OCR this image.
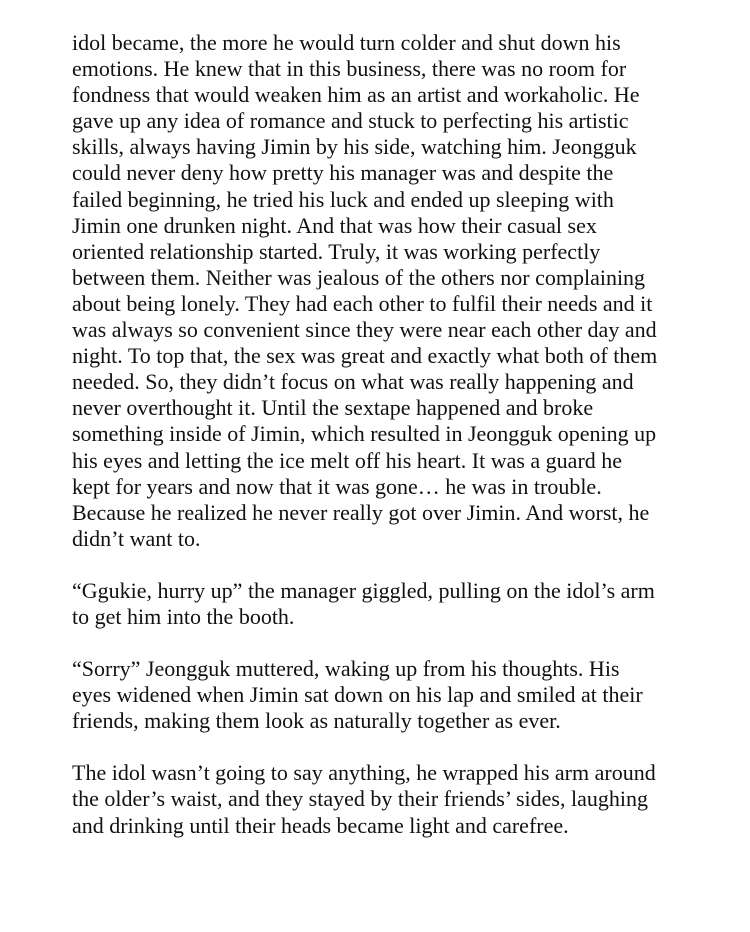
idol became, the more he would turn colder and shut down his
emotions. He knew that in this business, there was no room for
fondness that would weaken him as an artist and workaholic. He
gave up any idea of romance and stuck to perfecting his artistic
skills, always having Jimin by his side, watching him. Jeongguk
could never deny how pretty his manager was and despite the
failed beginning, he tried his luck and ended up sleeping with
Jimin one drunken night. And that was how their casual sex
oriented relationship started. Truly, it was working perfectly
between them. Neither was jealous of the others nor complaining
about being lonely. They had each other to fulfil their needs and it
was always so convenient since they were near each other day and
night. To top that, the sex was great and exactly what both of them
needed. So, they didn’t focus on what was really happening and
never overthought it. Until the sextape happened and broke
something inside of Jimin, which resulted in Jeongguk opening up
his eyes and letting the ice melt off his heart. It was a guard he
kept for years and now that it was gone… he was in trouble.
Because he realized he never really got over Jimin. And worst, he
didn’t want to.

“Ggukie, hurry up” the manager giggled, pulling on the idol’s arm
to get him into the booth.

“Sorry” Jeongguk muttered, waking up from his thoughts. His
eyes widened when Jimin sat down on his lap and smiled at their
friends, making them look as naturally together as ever.

The idol wasn’t going to say anything, he wrapped his arm around
the older’s waist, and they stayed by their friends’ sides, laughing
and drinking until their heads became light and carefree.
